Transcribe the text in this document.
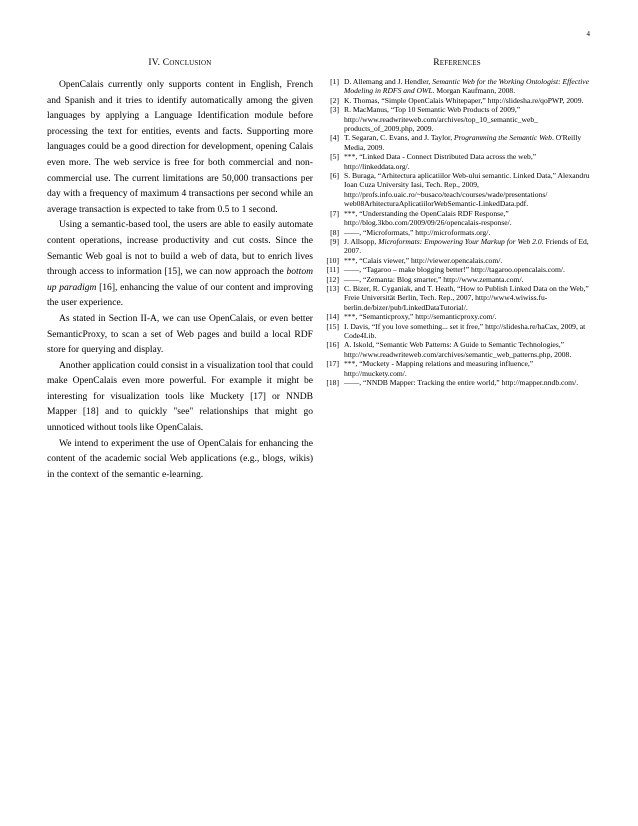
4
IV. Conclusion

OpenCalais currently only supports content in English, French and Spanish and it tries to identify automatically among the given languages by applying a Language Identification module before processing the text for entities, events and facts. Supporting more languages could be a good direction for development, opening Calais even more. The web service is free for both commercial and non-commercial use. The current limitations are 50,000 transactions per day with a frequency of maximum 4 transactions per second while an average transaction is expected to take from 0.5 to 1 second.

Using a semantic-based tool, the users are able to easily automate content operations, increase productivity and cut costs. Since the Semantic Web goal is not to build a web of data, but to enrich lives through access to information [15], we can now approach the bottom up paradigm [16], enhancing the value of our content and improving the user experience.

As stated in Section II-A, we can use OpenCalais, or even better SemanticProxy, to scan a set of Web pages and build a local RDF store for querying and display.

Another application could consist in a visualization tool that could make OpenCalais even more powerful. For example it might be interesting for visualization tools like Muckety [17] or NNDB Mapper [18] and to quickly "see" relationships that might go unnoticed without tools like OpenCalais.

We intend to experiment the use of OpenCalais for enhancing the content of the academic social Web applications (e.g., blogs, wikis) in the context of the semantic e-learning.

References
[1] D. Allemang and J. Hendler, Semantic Web for the Working Ontologist: Effective Modeling in RDFS and OWL. Morgan Kaufmann, 2008.
[2] K. Thomas, “Simple OpenCalais Whitepaper,” http://slidesha.re/qoPWP, 2009.
[3] R. MacManus, “Top 10 Semantic Web Products of 2009,” http://www.readwriteweb.com/archives/top_10_semantic_web_ products_of_2009.php, 2009.
[4] T. Segaran, C. Evans, and J. Taylor, Programming the Semantic Web. O'Reilly Media, 2009.
[5] ***, “Linked Data - Connect Distributed Data across the web,” http://linkeddata.org/.
[6] S. Buraga, “Arhitectura aplicatiilor Web-ului semantic. Linked Data,” Alexandru Ioan Cuza University Iasi, Tech. Rep., 2009, http://profs.info.uaic.ro/~busaco/teach/courses/wade/presentations/ web08ArhitecturaAplicatiilorWebSemantic-LinkedData.pdf.
[7] ***, “Understanding the OpenCalais RDF Response,” http://blog.3kbo.com/2009/09/26/opencalais-response/.
[8] ——, “Microformats,” http://microformats.org/.
[9] J. Allsopp, Microformats: Empowering Your Markup for Web 2.0. Friends of Ed, 2007.
[10] ***, “Calais viewer,” http://viewer.opencalais.com/.
[11] ——, “Tagaroo – make blogging better!” http://tagaroo.opencalais.com/.
[12] ——, “Zemanta: Blog smarter,” http://www.zemanta.com/.
[13] C. Bizer, R. Cyganiak, and T. Heath, “How to Publish Linked Data on the Web,” Freie Universität Berlin, Tech. Rep., 2007, http://www4.wiwiss.fu-berlin.de/bizer/pub/LinkedDataTutorial/.
[14] ***, “Semanticproxy,” http://semanticproxy.com/.
[15] I. Davis, “If you love something... set it free,” http://slidesha.re/haCax, 2009, at Code4Lib.
[16] A. Iskold, “Semantic Web Patterns: A Guide to Semantic Technologies,” http://www.readwriteweb.com/archives/semantic_web_patterns.php, 2008.
[17] ***, “Muckety - Mapping relations and measuring influence,” http://muckety.com/.
[18] ——, “NNDB Mapper: Tracking the entire world,” http://mapper.nndb.com/.
